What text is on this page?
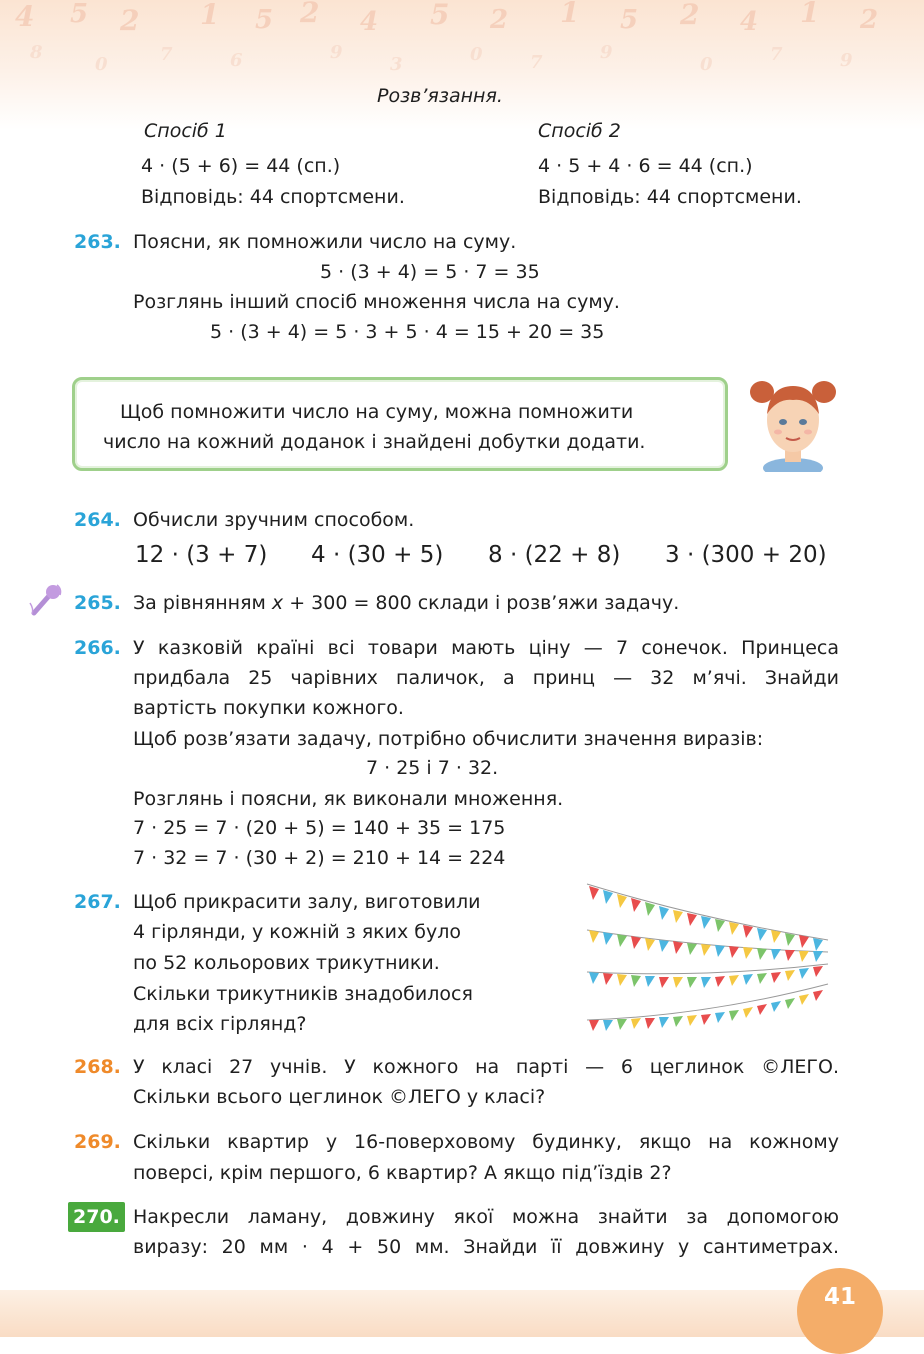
4 5 2 1 5 2 4 5 2 1 5 2 4 1 2
8
0 7 6	9
3	0 7 9
0 7 9
Розв’язання.
Спосіб 1	Спосіб 2
4 · (5 + 6) = 44 (сп.)	4 · 5 + 4 · 6 = 44 (сп.)
Відповідь: 44 спортсмени.	Відповідь: 44 спортсмени.
263. Поясни, як помножили число на суму.
5 · (3 + 4) = 5 · 7 = 35
Розглянь інший спосіб множення числа на суму.
5 · (3 + 4) = 5 · 3 + 5 · 4 = 15 + 20 = 35
Щоб помножити число на суму, можна помножити
число на кожний доданок і знайдені добутки додати.
264. Обчисли зручним способом.
12 · (3 + 7) 4 · (30 + 5) 8 · (22 + 8) 3 · (300 + 20)
265. За рівнянням x + 300 = 800 склади і розв’яжи задачу.
266. У казковій країні всі товари мають ціну — 7 сонечок. Принцеса
придбала 25 чарівних паличок, а принц — 32 м’ячі. Знайди
вартість покупки кожного.
Щоб розв’язати задачу, потрібно обчислити значення виразів:
7 · 25 і 7 · 32.
Розглянь і поясни, як виконали множення.
7 · 25 = 7 · (20 + 5) = 140 + 35 = 175
7 · 32 = 7 · (30 + 2) = 210 + 14 = 224
267. Щоб прикрасити залу, виготовили
4 гірлянди, у кожній з яких було
по 52 кольорових трикутники.
Скільки трикутників знадобилося
для всіх гірлянд?
268. У класі 27 учнів. У кожного на парті — 6 цеглинок ©ЛЕГО.
Скільки всього цеглинок ©ЛЕГО у класі?
269. Скільки квартир у 16-поверховому будинку, якщо на кожному
поверсі, крім першого, 6 квартир? А якщо під’їздів 2?
270. Накресли ламану, довжину якої можна знайти за допомогою
виразу: 20 мм · 4 + 50 мм. Знайди її довжину у сантиметрах.
41
